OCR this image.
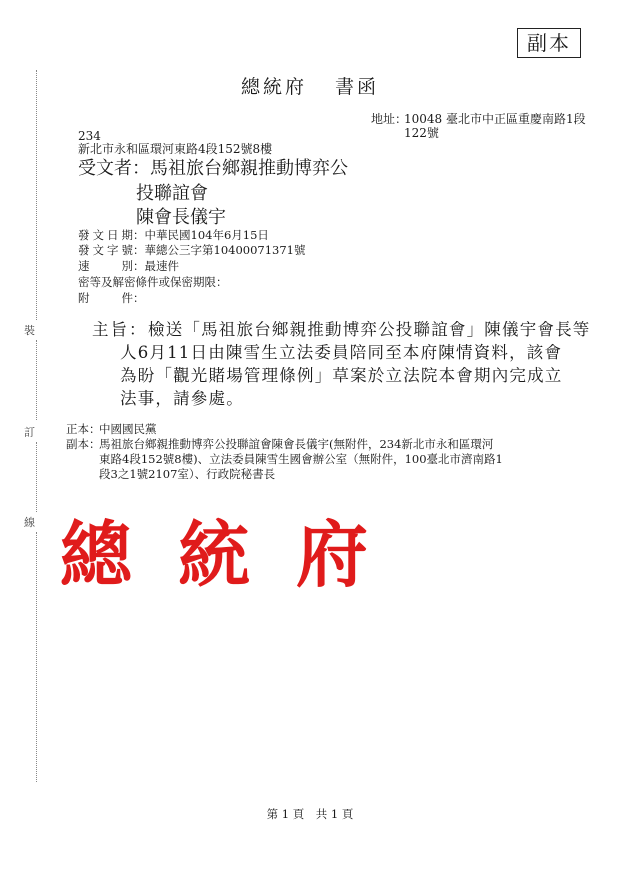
副本
總統府 書函
地址：10048 臺北市中正區重慶南路1段
122號
234
新北市永和區環河東路4段152號8樓
受文者：馬祖旅台鄉親推動博弈公
投聯誼會
陳會長儀宇
發文日期：中華民國104年6月15日
發文字號：華總公三字第10400071371號
速　　別：最速件
密等及解密條件或保密期限：
附　　件：
主旨： 檢送「馬祖旅台鄉親推動博弈公投聯誼會」陳儀宇會長等
人6月11日由陳雪生立法委員陪同至本府陳情資料，該會
為盼「觀光賭場管理條例」草案於立法院本會期內完成立
法事，請參處。
正本：中國國民黨
副本：馬祖旅台鄉親推動博弈公投聯誼會陳會長儀宇(無附件，234新北市永和區環河
東路4段152號8樓)、立法委員陳雪生國會辦公室（無附件，100臺北市濟南路1
段3之1號2107室）、行政院秘書長
總統府
裝
訂
線
第 1 頁　共 1 頁
